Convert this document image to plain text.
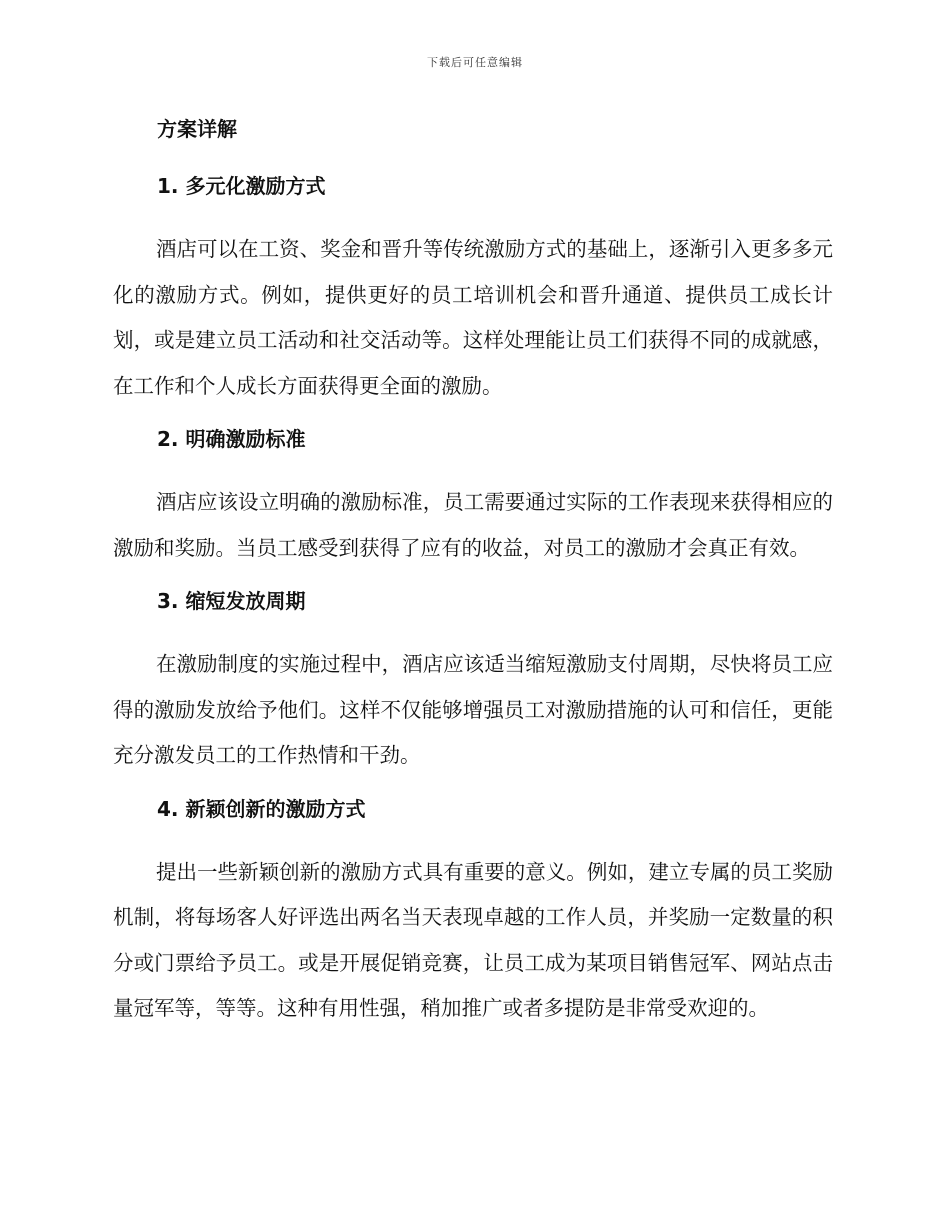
下载后可任意编辑
方案详解
1. 多元化激励方式

酒店可以在工资、奖金和晋升等传统激励方式的基础上，逐渐引入更多多元化的激励方式。例如，提供更好的员工培训机会和晋升通道、提供员工成长计划，或是建立员工活动和社交活动等。这样处理能让员工们获得不同的成就感，在工作和个人成长方面获得更全面的激励。

2. 明确激励标准

酒店应该设立明确的激励标准，员工需要通过实际的工作表现来获得相应的激励和奖励。当员工感受到获得了应有的收益，对员工的激励才会真正有效。

3. 缩短发放周期

在激励制度的实施过程中，酒店应该适当缩短激励支付周期，尽快将员工应得的激励发放给予他们。这样不仅能够增强员工对激励措施的认可和信任，更能充分激发员工的工作热情和干劲。

4. 新颖创新的激励方式

提出一些新颖创新的激励方式具有重要的意义。例如，建立专属的员工奖励机制，将每场客人好评选出两名当天表现卓越的工作人员，并奖励一定数量的积分或门票给予员工。或是开展促销竞赛，让员工成为某项目销售冠军、网站点击量冠军等，等等。这种有用性强，稍加推广或者多提防是非常受欢迎的。
